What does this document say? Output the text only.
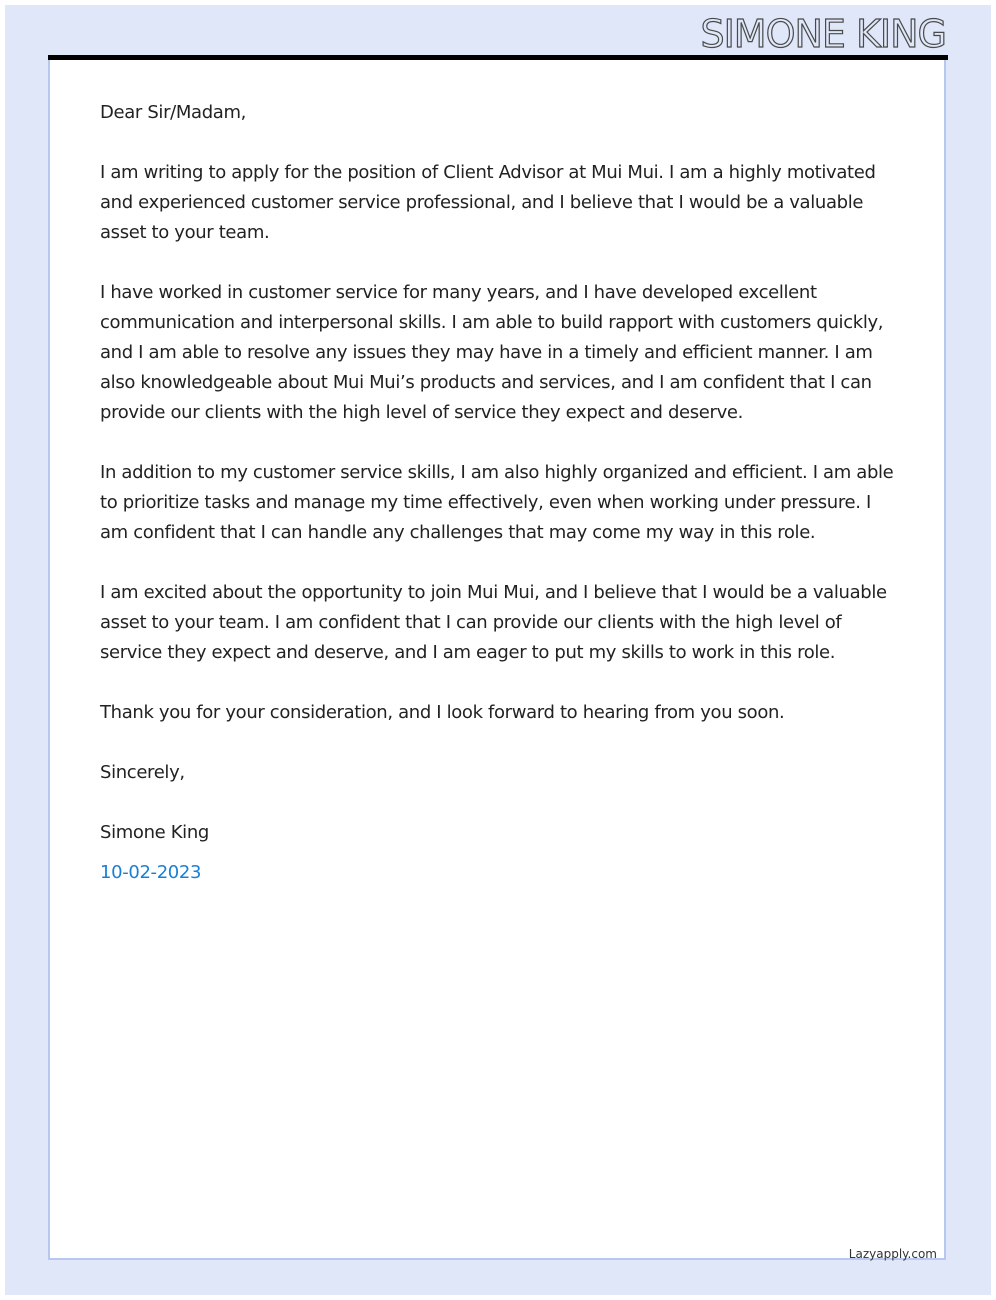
SIMONE KING

Dear Sir/Madam,

I am writing to apply for the position of Client Advisor at Mui Mui. I am a highly motivated and experienced customer service professional, and I believe that I would be a valuable asset to your team.

I have worked in customer service for many years, and I have developed excellent communication and interpersonal skills. I am able to build rapport with customers quickly, and I am able to resolve any issues they may have in a timely and efficient manner. I am also knowledgeable about Mui Mui’s products and services, and I am confident that I can provide our clients with the high level of service they expect and deserve.

In addition to my customer service skills, I am also highly organized and efficient. I am able to prioritize tasks and manage my time effectively, even when working under pressure. I am confident that I can handle any challenges that may come my way in this role.

I am excited about the opportunity to join Mui Mui, and I believe that I would be a valuable asset to your team. I am confident that I can provide our clients with the high level of service they expect and deserve, and I am eager to put my skills to work in this role.

Thank you for your consideration, and I look forward to hearing from you soon.

Sincerely,

Simone King

10-02-2023

Lazyapply.com
